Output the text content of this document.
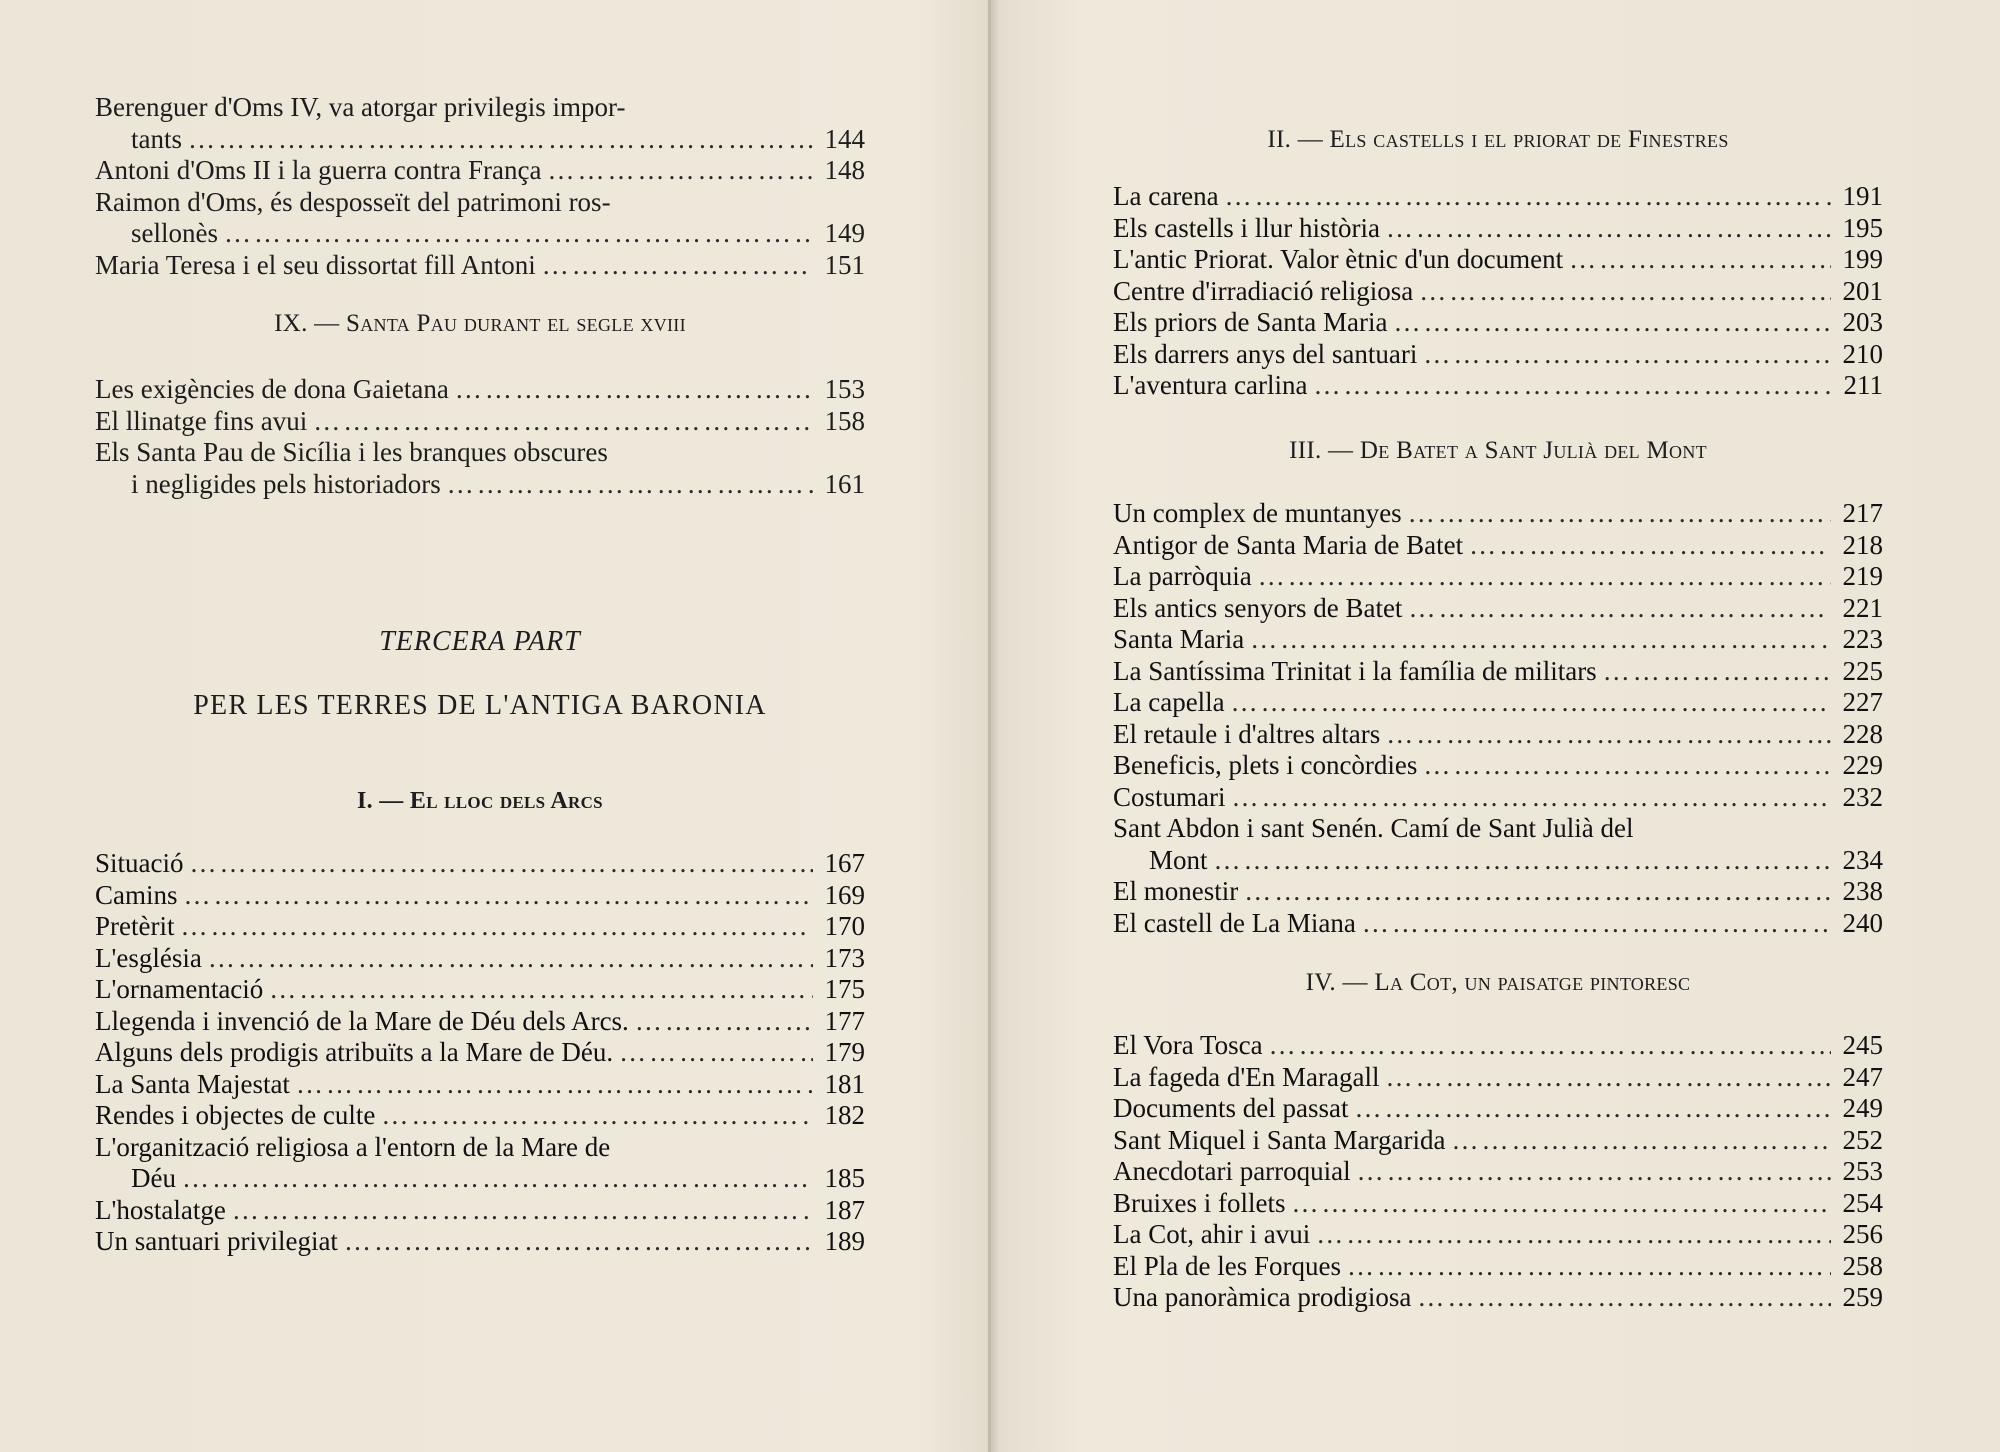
Berenguer d'Oms IV, va atorgar privilegis impor-
tants ………………………………………………………………………………………………………………………………………	144
Antoni d'Oms II i la guerra contra França ………………………………………………………………………………………………………………………………………	148
Raimon d'Oms, és desposseït del patrimoni ros-
sellonès ………………………………………………………………………………………………………………………………………	149
Maria Teresa i el seu dissortat fill Antoni ………………………………………………………………………………………………………………………………………	151
IX. — Santa Pau durant el segle xviii
Les exigències de dona Gaietana ………………………………………………………………………………………………………………………………………	153
El llinatge fins avui ………………………………………………………………………………………………………………………………………	158
Els Santa Pau de Sicília i les branques obscures
i negligides pels historiadors ………………………………………………………………………………………………………………………………………	161
TERCERA PART
PER LES TERRES DE L'ANTIGA BARONIA
I. — El lloc dels Arcs
Situació ………………………………………………………………………………………………………………………………………	167
Camins ………………………………………………………………………………………………………………………………………	169
Pretèrit ………………………………………………………………………………………………………………………………………	170
L'església ………………………………………………………………………………………………………………………………………	173
L'ornamentació ………………………………………………………………………………………………………………………………………	175
Llegenda i invenció de la Mare de Déu dels Arcs. ………………………………………………………………………………………………………………………………………	177
Alguns dels prodigis atribuïts a la Mare de Déu. ………………………………………………………………………………………………………………………………………	179
La Santa Majestat ………………………………………………………………………………………………………………………………………	181
Rendes i objectes de culte ………………………………………………………………………………………………………………………………………	182
L'organització religiosa a l'entorn de la Mare de
Déu ………………………………………………………………………………………………………………………………………	185
L'hostalatge ………………………………………………………………………………………………………………………………………	187
Un santuari privilegiat ………………………………………………………………………………………………………………………………………	189
II. — Els castells i el priorat de Finestres
La carena ………………………………………………………………………………………………………………………………………	191
Els castells i llur història ………………………………………………………………………………………………………………………………………	195
L'antic Priorat. Valor ètnic d'un document ………………………………………………………………………………………………………………………………………	199
Centre d'irradiació religiosa ………………………………………………………………………………………………………………………………………	201
Els priors de Santa Maria ………………………………………………………………………………………………………………………………………	203
Els darrers anys del santuari ………………………………………………………………………………………………………………………………………	210
L'aventura carlina ………………………………………………………………………………………………………………………………………	211
III. — De Batet a Sant Julià del Mont
Un complex de muntanyes ………………………………………………………………………………………………………………………………………	217
Antigor de Santa Maria de Batet ………………………………………………………………………………………………………………………………………	218
La parròquia ………………………………………………………………………………………………………………………………………	219
Els antics senyors de Batet ………………………………………………………………………………………………………………………………………	221
Santa Maria ………………………………………………………………………………………………………………………………………	223
La Santíssima Trinitat i la família de militars ………………………………………………………………………………………………………………………………………	225
La capella ………………………………………………………………………………………………………………………………………	227
El retaule i d'altres altars ………………………………………………………………………………………………………………………………………	228
Beneficis, plets i concòrdies ………………………………………………………………………………………………………………………………………	229
Costumari ………………………………………………………………………………………………………………………………………	232
Sant Abdon i sant Senén. Camí de Sant Julià del
Mont ………………………………………………………………………………………………………………………………………	234
El monestir ………………………………………………………………………………………………………………………………………	238
El castell de La Miana ………………………………………………………………………………………………………………………………………	240
IV. — La Cot, un paisatge pintoresc
El Vora Tosca ………………………………………………………………………………………………………………………………………	245
La fageda d'En Maragall ………………………………………………………………………………………………………………………………………	247
Documents del passat ………………………………………………………………………………………………………………………………………	249
Sant Miquel i Santa Margarida ………………………………………………………………………………………………………………………………………	252
Anecdotari parroquial ………………………………………………………………………………………………………………………………………	253
Bruixes i follets ………………………………………………………………………………………………………………………………………	254
La Cot, ahir i avui ………………………………………………………………………………………………………………………………………	256
El Pla de les Forques ………………………………………………………………………………………………………………………………………	258
Una panoràmica prodigiosa ………………………………………………………………………………………………………………………………………	259
